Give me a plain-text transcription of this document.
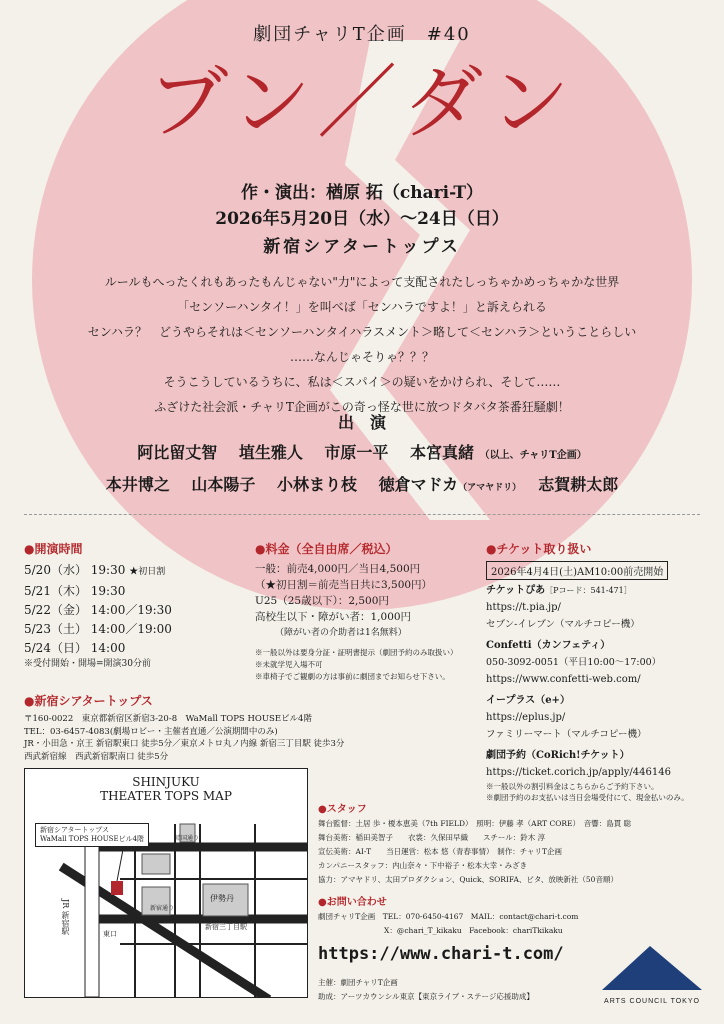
劇団チャリT企画　#40
ブン／ダン
作・演出：楢原 拓（chari-T）
2026年5月20日（水）～24日（日）
新宿シアタートップス
ルールもへったくれもあったもんじゃない"力"によって支配されたしっちゃかめっちゃかな世界
「センソーハンタイ！」を叫べば「センハラですよ！」と訴えられる
センハラ？　どうやらそれは＜センソーハンタイハラスメント＞略して＜センハラ＞ということらしい
……なんじゃそりゃ？？？
そうこうしているうちに、私は＜スパイ＞の疑いをかけられ、そして……
ふざけた社会派・チャリT企画がこの奇っ怪な世に放つドタバタ茶番狂騒劇！
出　演
阿比留丈智　 埴生雅人　 市原一平　 本宮真緒 （以上、チャリT企画）
本井博之　 山本陽子　 小林まり枝　 徳倉マドカ（アマヤドリ）　 志賀耕太郎
●開演時間
5/20（水） 19:30 ★初日割
5/21（木） 19:30
5/22（金） 14:00／19:30
5/23（土） 14:00／19:00
5/24（日） 14:00
※受付開始・開場=開演30分前
●料金（全自由席／税込）
一般：前売4,000円／当日4,500円
（★初日割＝前売当日共に3,500円）
U25（25歳以下）：2,500円
高校生以下・障がい者：1,000円
（障がい者の介助者は1名無料）
※一般以外は要身分証・証明書提示（劇団予約のみ取扱い）
※未就学児入場不可
※車椅子でご観劇の方は事前に劇団までお知らせ下さい。
●チケット取り扱い
2026年4月4日(土)AM10:00前売開始
チケットぴあ［Pコード：541-471］
https://t.pia.jp/
セブン-イレブン（マルチコピー機）
Confetti（カンフェティ）
050-3092-0051（平日10:00～17:00）
https://www.confetti-web.com/
イープラス（e+）
https://eplus.jp/
ファミリーマート（マルチコピー機）
劇団予約（CoRich!チケット）
https://ticket.corich.jp/apply/446146
※一般以外の割引料金はこちらからご予約下さい。
※劇団予約のお支払いは当日会場受付にて、現金払いのみ。
●新宿シアタートップス
〒160-0022　東京都新宿区新宿3-20-8　WaMall TOPS HOUSEビル4階
TEL：03-6457-4083(劇場ロビー・主催者直通／公演期間中のみ)
JR・小田急・京王 新宿駅東口 徒歩5分／東京メトロ丸ノ内線 新宿三丁目駅 徒歩3分
西武新宿線　西武新宿駅南口 徒歩5分
SHINJUKU
THEATER TOPS MAP
新宿シアタートップス
WaMall TOPS HOUSEビル4階
伊勢丹
新宿三丁目駅
JR 新宿駅	東口
靖国通り
新宿通り
●スタッフ
舞台監督：土居 歩・榎本恵美（7th FIELD）　照明：伊藤 孝（ART CORE）　音響：島貫 聡
舞台美術：稲田美智子　　衣裳：久保田早織　　スチール：鈴木 淳
宣伝美術：AI-T　　当日運営：松本 悠（青春事情）　制作：チャリT企画
カンパニースタッフ：内山奈々・下中裕子・松本大幸・みざき
協力：アマヤドリ、太田プロダクション、Quick、SORIFA、ビタ、放映新社（50音順）
●お問い合わせ
劇団チャリT企画　TEL：070-6450-4167　MAIL：contact@chari-t.com
X：@chari_T_kikaku　Facebook：chariTkikaku
https://www.chari-t.com/
主催：劇団チャリT企画
助成：アーツカウンシル東京【東京ライブ・ステージ応援助成】
ARTS COUNCIL TOKYO
